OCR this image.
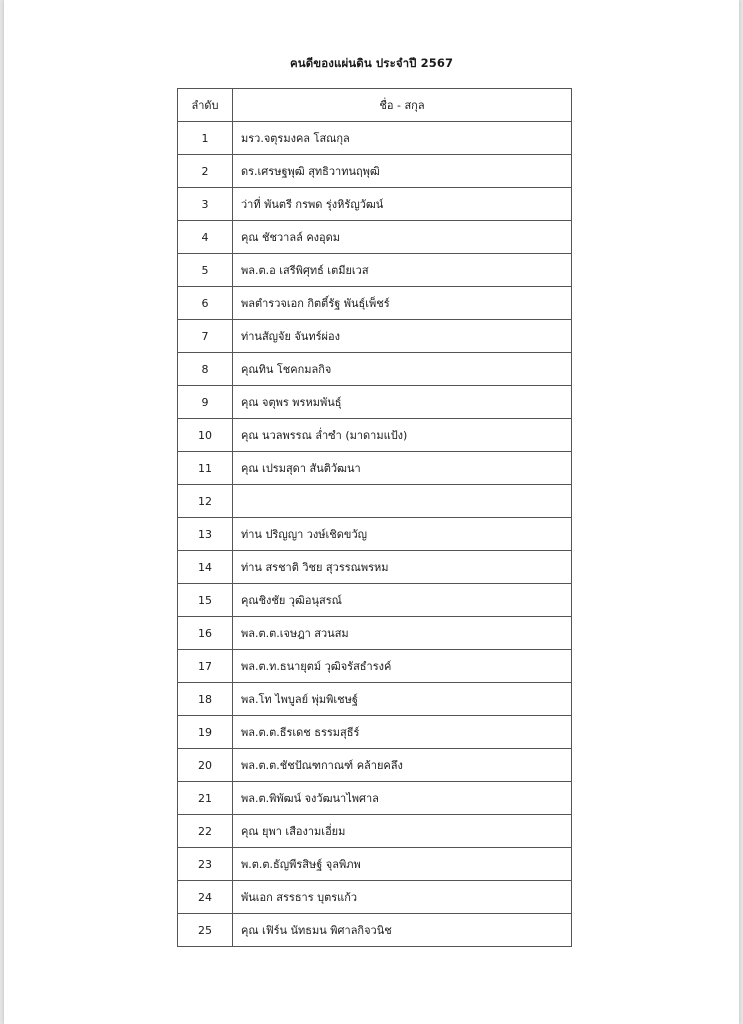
คนดีของแผ่นดิน ประจำปี 2567
ลำดับ	ชื่อ - สกุล
1	มรว.จตุรมงคล โสณกุล
2	ดร.เศรษฐพุฒิ สุทธิวาทนฤพุฒิ
3	ว่าที่ พันตรี กรพด รุ่งหิรัญวัฒน์
4	คุณ ชัชวาลล์ คงอุดม
5	พล.ต.อ เสรีพิศุทธ์ เตมียเวส
6	พลตำรวจเอก กิตติ์รัฐ พันธุ์เพ็ชร์
7	ท่านสัญจัย จันทร์ผ่อง
8	คุณทิน โชคกมลกิจ
9	คุณ จตุพร พรหมพันธุ์
10	คุณ นวลพรรณ ล่ำซำ (มาดามแป้ง)
11	คุณ เปรมสุดา สันติวัฒนา
12	
13	ท่าน ปริญญา วงษ์เชิดขวัญ
14	ท่าน สรชาติ วิชย สุวรรณพรหม
15	คุณชิงชัย วุฒิอนุสรณ์
16	พล.ต.ต.เจษฎา สวนสม
17	พล.ต.ท.ธนายุตม์ วุฒิจรัสธำรงค์
18	พล.โท ไพบูลย์ พุ่มพิเชษฐ์
19	พล.ต.ต.ธีรเดช ธรรมสุธีร์
20	พล.ต.ต.ชัชปัณฑกาณฑ์ คล้ายคลึง
21	พล.ต.พิพัฒน์ จงวัฒนาไพศาล
22	คุณ ยุพา เสืองามเอี่ยม
23	พ.ต.ต.ธัญพีรสิษฐ์ จุลพิภพ
24	พันเอก สรรธาร บุตรแก้ว
25	คุณ เฟิร์น นัทธมน พิศาลกิจวนิช
